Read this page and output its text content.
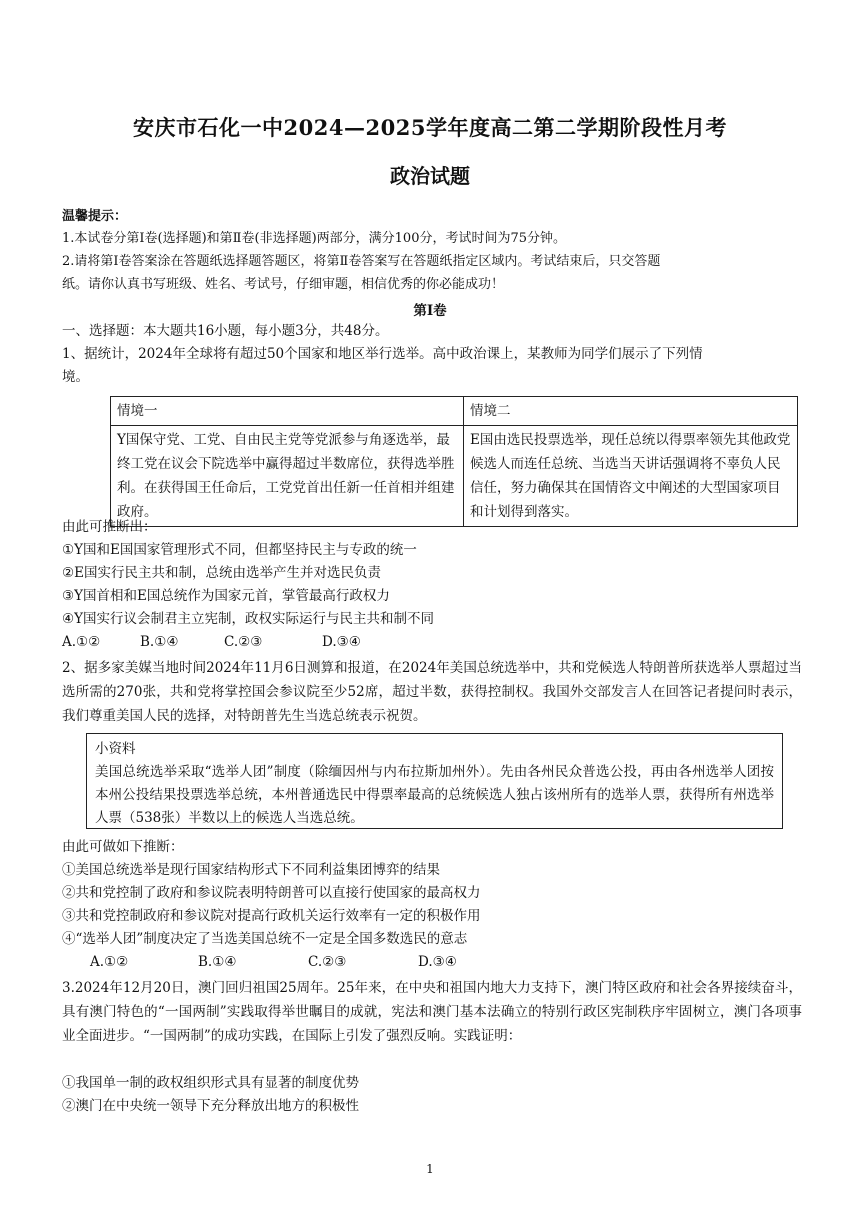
安庆市石化一中2024—2025学年度高二第二学期阶段性月考
政治试题
温馨提示：
1.本试卷分第Ⅰ卷(选择题)和第Ⅱ卷(非选择题)两部分，满分100分，考试时间为75分钟。
2.请将第Ⅰ卷答案涂在答题纸选择题答题区，将第Ⅱ卷答案写在答题纸指定区域内。考试结束后，只交答题
纸。请你认真书写班级、姓名、考试号，仔细审题，相信优秀的你必能成功！
第Ⅰ卷
一、选择题：本大题共16小题，每小题3分，共48分。
1、据统计，2024年全球将有超过50个国家和地区举行选举。高中政治课上，某教师为同学们展示了下列情
境。
情境一	情境二
Y国保守党、工党、自由民主党等党派参与角逐选举，最终工党在议会下院选举中赢得超过半数席位，获得选举胜利。在获得国王任命后，工党党首出任新一任首相并组建政府。	E国由选民投票选举，现任总统以得票率领先其他政党候选人而连任总统、当选当天讲话强调将不辜负人民信任，努力确保其在国情咨文中阐述的大型国家项目和计划得到落实。
由此可推断出：
①Y国和E国国家管理形式不同，但都坚持民主与专政的统一
②E国实行民主共和制，总统由选举产生并对选民负责
③Y国首相和E国总统作为国家元首，掌管最高行政权力
④Y国实行议会制君主立宪制，政权实际运行与民主共和制不同
A.①②	B.①④	C.②③	D.③④
2、据多家美媒当地时间2024年11月6日测算和报道，在2024年美国总统选举中，共和党候选人特朗普所获选举人票超过当选所需的270张，共和党将掌控国会参议院至少52席，超过半数，获得控制权。我国外交部发言人在回答记者提问时表示，我们尊重美国人民的选择，对特朗普先生当选总统表示祝贺。
小资料
美国总统选举采取“选举人团”制度（除缅因州与内布拉斯加州外）。先由各州民众普选公投，再由各州选举人团按本州公投结果投票选举总统，本州普通选民中得票率最高的总统候选人独占该州所有的选举人票，获得所有州选举人票（538张）半数以上的候选人当选总统。
由此可做如下推断：
①美国总统选举是现行国家结构形式下不同利益集团博弈的结果
②共和党控制了政府和参议院表明特朗普可以直接行使国家的最高权力
③共和党控制政府和参议院对提高行政机关运行效率有一定的积极作用
④“选举人团”制度决定了当选美国总统不一定是全国多数选民的意志
A.①②	B.①④	C.②③	D.③④
3.2024年12月20日，澳门回归祖国25周年。25年来，在中央和祖国内地大力支持下，澳门特区政府和社会各界接续奋斗，具有澳门特色的“一国两制”实践取得举世瞩目的成就，宪法和澳门基本法确立的特别行政区宪制秩序牢固树立，澳门各项事业全面进步。“一国两制”的成功实践，在国际上引发了强烈反响。实践证明：
①我国单一制的政权组织形式具有显著的制度优势
②澳门在中央统一领导下充分释放出地方的积极性
1
